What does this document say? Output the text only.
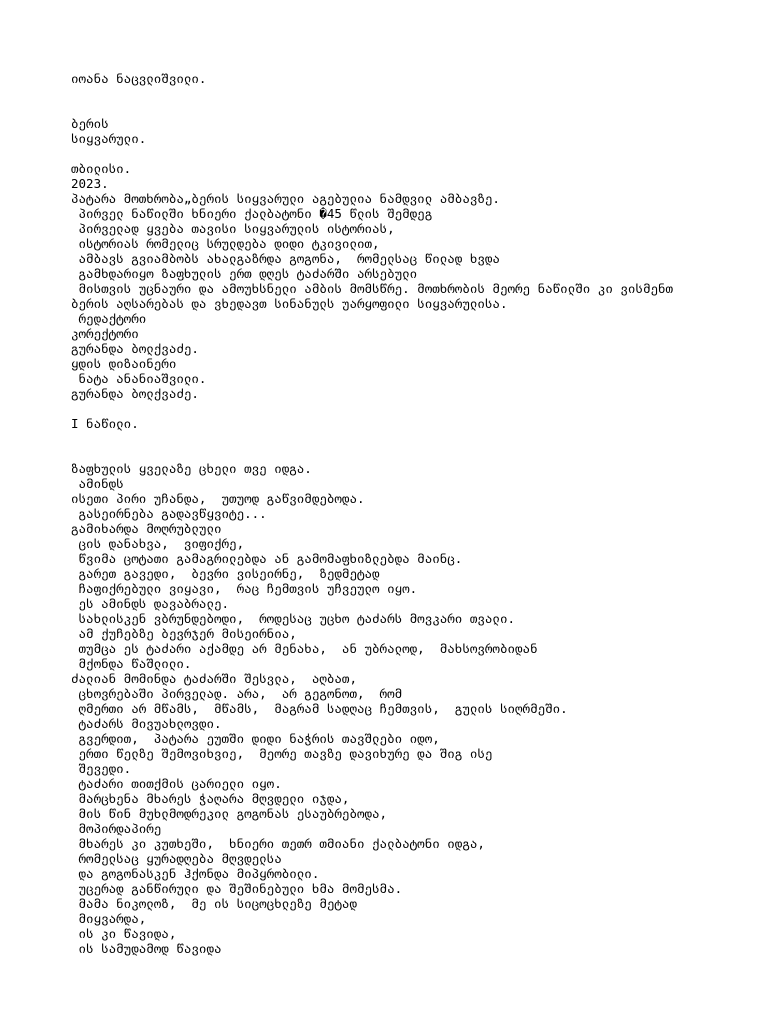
იოანა ნაცვლიშვილი.
ბერის
სიყვარული.
თბილისი.
2023.
პატარა მოთხრობა„ბერის სიყვარული აგებულია ნამდვილ ამბავზე.
პირველ ნაწილში ხნიერი ქალბატონი �45 წლის შემდეგ
პირველად ყვება თავისი სიყვარულის ისტორიას,
ისტორიას რომელიც სრულდება დიდი ტკივილით,
ამბავს გვიამბობს ახალგაზრდა გოგონა,  რომელსაც წილად ხვდა
გამხდარიყო ზაფხულის ერთ დღეს ტაძარში არსებული
მისთვის უცნაური და ამოუხსნელი ამბის მომსწრე. მოთხრობის მეორე ნაწილში კი ვისმენთ
ბერის აღსარებას და ვხედავთ სინანულს უარყოფილი სიყვარულისა.
რედაქტორი
კორექტორი
გურანდა ბოლქვაძე.
ყდის დიზაინერი
ნატა ანანიაშვილი.
გურანდა ბოლქვაძე.
I ნაწილი.
ზაფხულის ყველაზე ცხელი თვე იდგა.
ამინდს
ისეთი პირი უჩანდა,  უთუოდ გაწვიმდებოდა.
გასეირნება გადავწყვიტე...
გამიხარდა მოღრუბლული
ცის დანახვა,  ვიფიქრე,
წვიმა ცოტათი გამაგრილებდა ან გამომაფხიზლებდა მაინც.
გარეთ გავედი,  ბევრი ვისეირნე,  ზედმეტად
ჩაფიქრებული ვიყავი,  რაც ჩემთვის უჩვეულო იყო.
ეს ამინდს დავაბრალე.
სახლისკენ ვბრუნდებოდი,  როდესაც უცხო ტაძარს მოვკარი თვალი.
ამ ქუჩებზე ბევრჯერ მისეირნია,
თუმცა ეს ტაძარი აქამდე არ მენახა,  ან უბრალოდ,  მახსოვრობიდან
მქონდა წაშლილი.
ძალიან მომინდა ტაძარში შესვლა,  აღბათ,
ცხოვრებაში პირველად. არა,  არ გეგონოთ,  რომ
ღმერთი არ მწამს,  მწამს,  მაგრამ სადღაც ჩემთვის,  გულის სიღრმეში.
ტაძარს მივუახლოვდი.
გვერდით,  პატარა ეუთში დიდი ნაჭრის თავშლები იდო,
ერთი წელზე შემოვიხვიე,  მეორე თავზე დავიხურე და შიგ ისე
შევედი.
ტაძარი თითქმის ცარიელი იყო.
მარცხენა მხარეს ჭაღარა მღვდელი იჯდა,
მის წინ მუხლმოდრეკილ გოგონას ესაუბრებოდა,
მოპირდაპირე
მხარეს კი კუთხეში,  ხნიერი თეთრ თმიანი ქალბატონი იდგა,
რომელსაც ყურადღება მღვდელსა
და გოგონასკენ ჰქონდა მიპყრობილი.
უცერად განწირული და შეშინებული ხმა მომესმა.
მამა ნიკოლოზ,  მე ის სიცოცხლეზე მეტად
მიყვარდა,
ის კი წავიდა,
ის სამუდამოდ წავიდა
